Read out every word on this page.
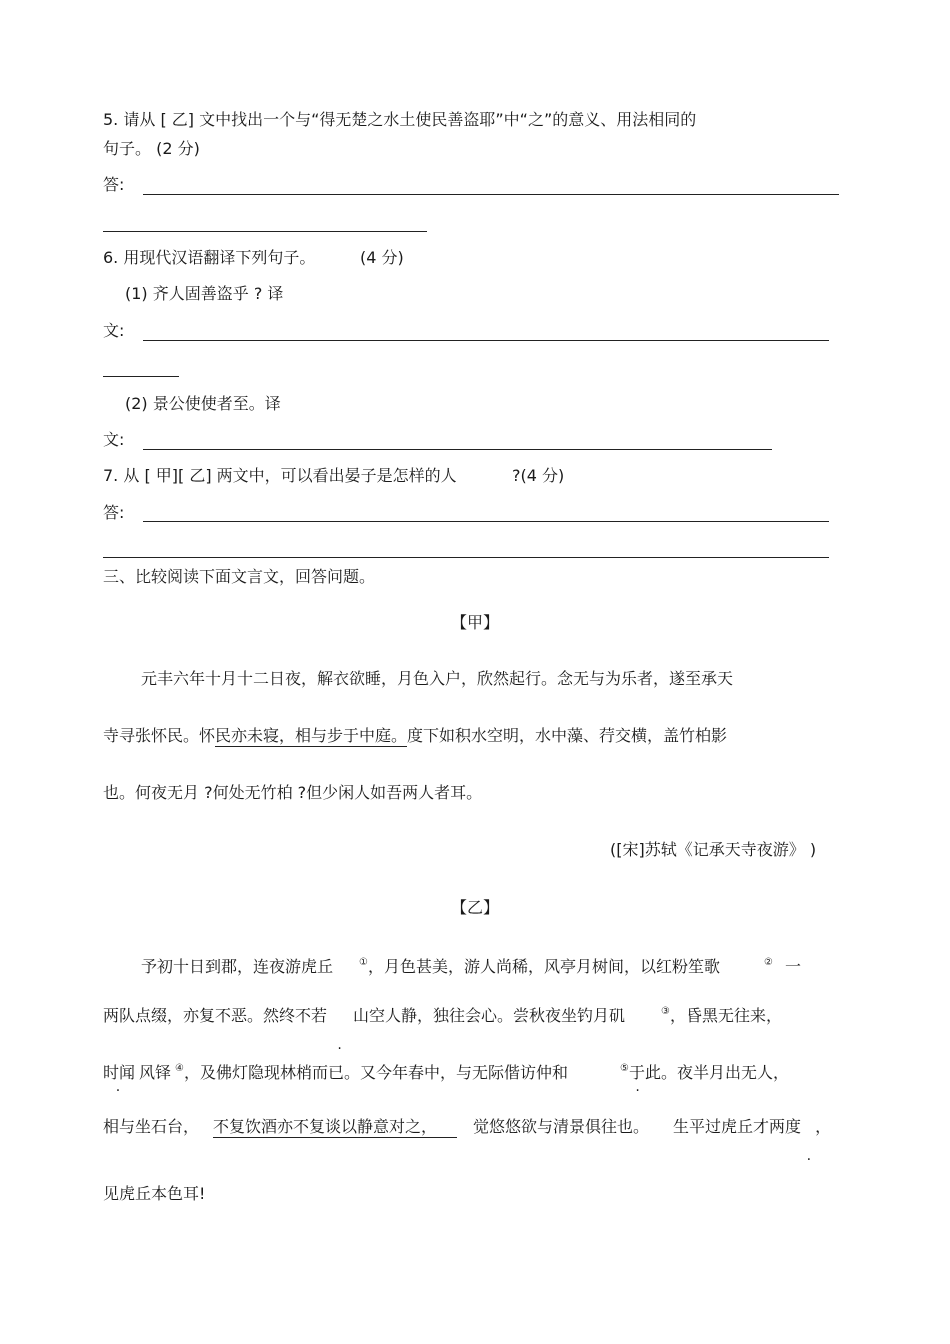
5. 请从 [ 乙] 文中找出一个与“得无楚之水土使民善盗耶”中“之”的意义、用法相同的
句子。 (2 分)
答:
6. 用现代汉语翻译下列句子。	(4 分)
(1) 齐人固善盗乎 ? 译
文:
(2) 景公使使者至。译
文:
7. 从 [ 甲][ 乙] 两文中，可以看出晏子是怎样的人	?(4 分)
答:
三、比较阅读下面文言文，回答问题。
【甲】
元丰六年十月十二日夜，解衣欲睡，月色入户，欣然起行。念无与为乐者，遂至承天
寺寻张怀民。怀民亦未寝，相与步于中庭。度下如积水空明，水中藻、荇交横，盖竹柏影
也。何夜无月 ?何处无竹柏 ?但少闲人如吾两人者耳。
([宋]苏轼《记承天寺夜游》 )
【乙】
予初十日到郡，连夜游虎丘	①，月色甚美，游人尚稀，风亭月树间，以红粉笙歌	② 一
两队点缀，亦复不恶。然终不若 山空人静，独往会心。尝秋夜坐钓月矶	③，昏黑无往来，
时闻 风铎 ④，及佛灯隐现林梢而已。又今年春中，与无际偕访仲和	⑤于此。夜半月出无人，
相与坐石台， 不复饮酒亦不复谈以静意对之， 觉悠悠欲与清景俱往也。 生平过虎丘才两度 ，
见虎丘本色耳!
